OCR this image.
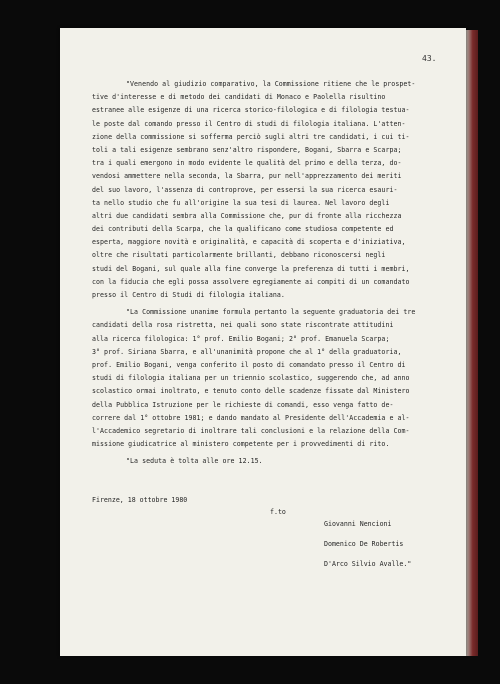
43.
"Venendo al giudizio comparativo, la Commissione ritiene che le prospet-
tive d'interesse e di metodo dei candidati di Monaco e Paolella risultino
estranee alle esigenze di una ricerca storico-filologica e di filologia testua-
le poste dal comando presso il Centro di studi di filologia italiana. L'atten-
zione della commissione si sofferma perciò sugli altri tre candidati, i cui ti-
toli a tali esigenze sembrano senz'altro rispondere, Bogani, Sbarra e Scarpa;
tra i quali emergono in modo evidente le qualità del primo e della terza, do-
vendosi ammettere nella seconda, la Sbarra, pur nell'apprezzamento dei meriti
del suo lavoro, l'assenza di controprove, per essersi la sua ricerca esauri-
ta nello studio che fu all'origine la sua tesi di laurea. Nel lavoro degli
altri due candidati sembra alla Commissione che, pur di fronte alla ricchezza
dei contributi della Scarpa, che la qualificano come studiosa competente ed
esperta, maggiore novità e originalità, e capacità di scoperta e d'iniziativa,
oltre che risultati particolarmente brillanti, debbano riconoscersi negli
studi del Bogani, sul quale alla fine converge la preferenza di tutti i membri,
con la fiducia che egli possa assolvere egregiamente ai compiti di un comandato
presso il Centro di Studi di filologia italiana.
"La Commissione unanime formula pertanto la seguente graduatoria dei tre
candidati della rosa ristretta, nei quali sono state riscontrate attitudini
alla ricerca filologica: 1° prof. Emilio Bogani; 2° prof. Emanuela Scarpa;
3° prof. Siriana Sbarra, e all'unanimità propone che al 1° della graduatoria,
prof. Emilio Bogani, venga conferito il posto di comandato presso il Centro di
studi di filologia italiana per un triennio scolastico, suggerendo che, ad anno
scolastico ormai inoltrato, e tenuto conto delle scadenze fissate dal Ministero
della Pubblica Istruzione per le richieste di comandi, esso venga fatto de-
correre dal 1° ottobre 1981; e dando mandato al Presidente dell'Accademia e al-
l'Accademico segretario di inoltrare tali conclusioni e la relazione della Com-
missione giudicatrice al ministero competente per i provvedimenti di rito.
"La seduta è tolta alle ore 12.15.
Firenze, 18 ottobre 1980
f.to
Giovanni Nencioni
Domenico De Robertis
D'Arco Silvio Avalle."
